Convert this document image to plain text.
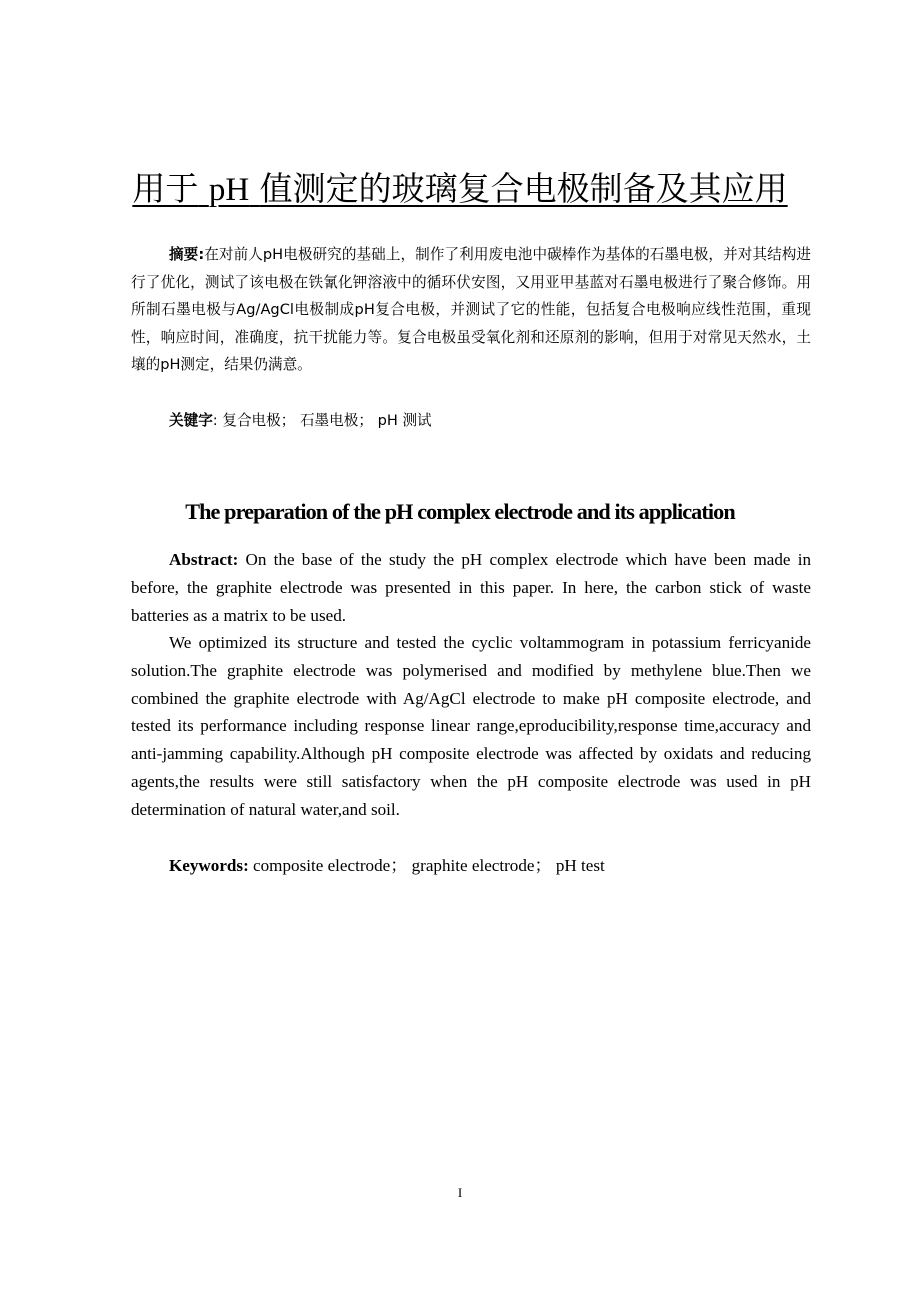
用于 pH 值测定的玻璃复合电极制备及其应用

摘要:在对前人pH电极研究的基础上，制作了利用废电池中碳棒作为基体的石墨电极，并对其结构进行了优化，测试了该电极在铁氰化钾溶液中的循环伏安图，又用亚甲基蓝对石墨电极进行了聚合修饰。用所制石墨电极与Ag/AgCl电极制成pH复合电极，并测试了它的性能，包括复合电极响应线性范围，重现性，响应时间，准确度，抗干扰能力等。复合电极虽受氧化剂和还原剂的影响，但用于对常见天然水，土壤的pH测定，结果仍满意。

关键字: 复合电极； 石墨电极； pH 测试

The preparation of the pH complex electrode and its application

Abstract: On the base of the study the pH complex electrode which have been made in before, the graphite electrode was presented in this paper. In here, the carbon stick of waste batteries as a matrix to be used.

We optimized its structure and tested the cyclic voltammogram in potassium ferricyanide solution.The graphite electrode was polymerised and modified by methylene blue.Then we combined the graphite electrode with Ag/AgCl electrode to make pH composite electrode, and tested its performance including response linear range,eproducibility,response time,accuracy and anti-jamming capability.Although pH composite electrode was affected by oxidats and reducing agents,the results were still satisfactory when the pH composite electrode was used in pH determination of natural water,and soil.

Keywords: composite electrode； graphite electrode； pH test

I
